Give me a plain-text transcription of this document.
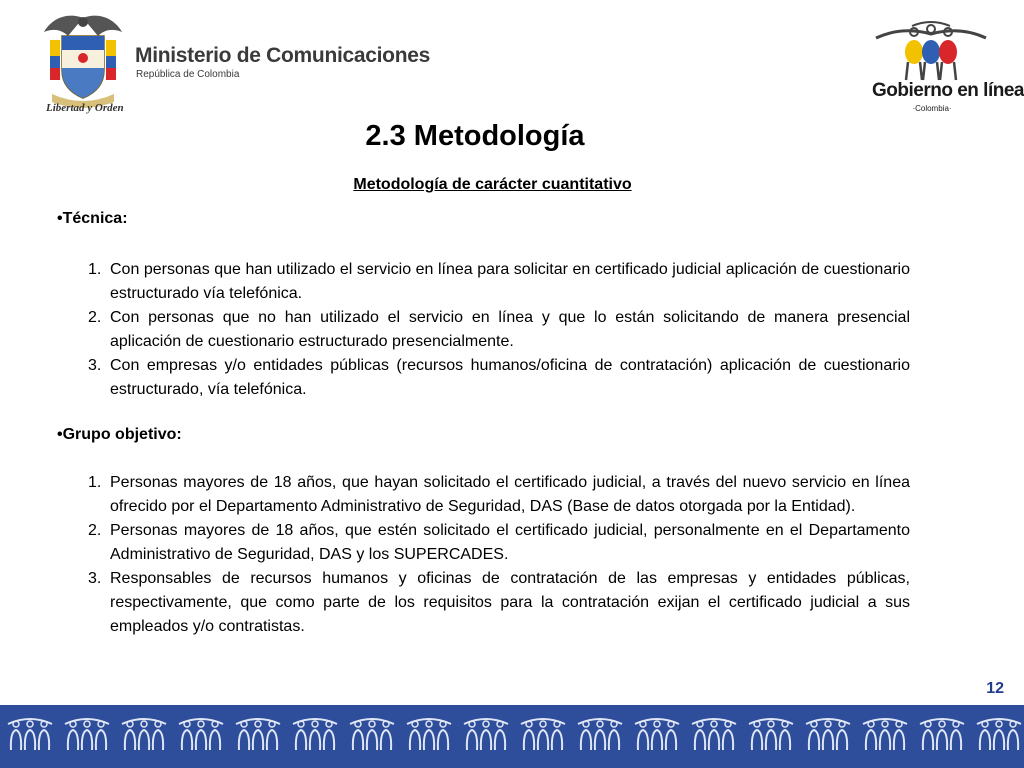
Ministerio de Comunicaciones
República de Colombia
Libertad y Orden
Gobierno en línea
·Colombia·
2.3 Metodología
Metodología de carácter cuantitativo
•Técnica:
1. Con personas que han utilizado el servicio en línea para solicitar en certificado judicial aplicación de cuestionario estructurado vía telefónica.
2. Con personas que no han utilizado el servicio en línea y que lo están solicitando de manera presencial aplicación de cuestionario estructurado presencialmente.
3. Con empresas y/o entidades públicas (recursos humanos/oficina de contratación) aplicación de cuestionario estructurado, vía telefónica.
•Grupo objetivo:
1. Personas mayores de 18 años, que hayan solicitado el certificado judicial, a través del nuevo servicio en línea ofrecido por el Departamento Administrativo de Seguridad, DAS (Base de datos otorgada por la Entidad).
2. Personas mayores de 18 años, que estén solicitado el certificado judicial, personalmente en el Departamento Administrativo de Seguridad, DAS y los SUPERCADES.
3. Responsables de recursos humanos y oficinas de contratación de las empresas y entidades públicas, respectivamente, que como parte de los requisitos para la contratación exijan el certificado judicial a sus empleados y/o contratistas.
12
